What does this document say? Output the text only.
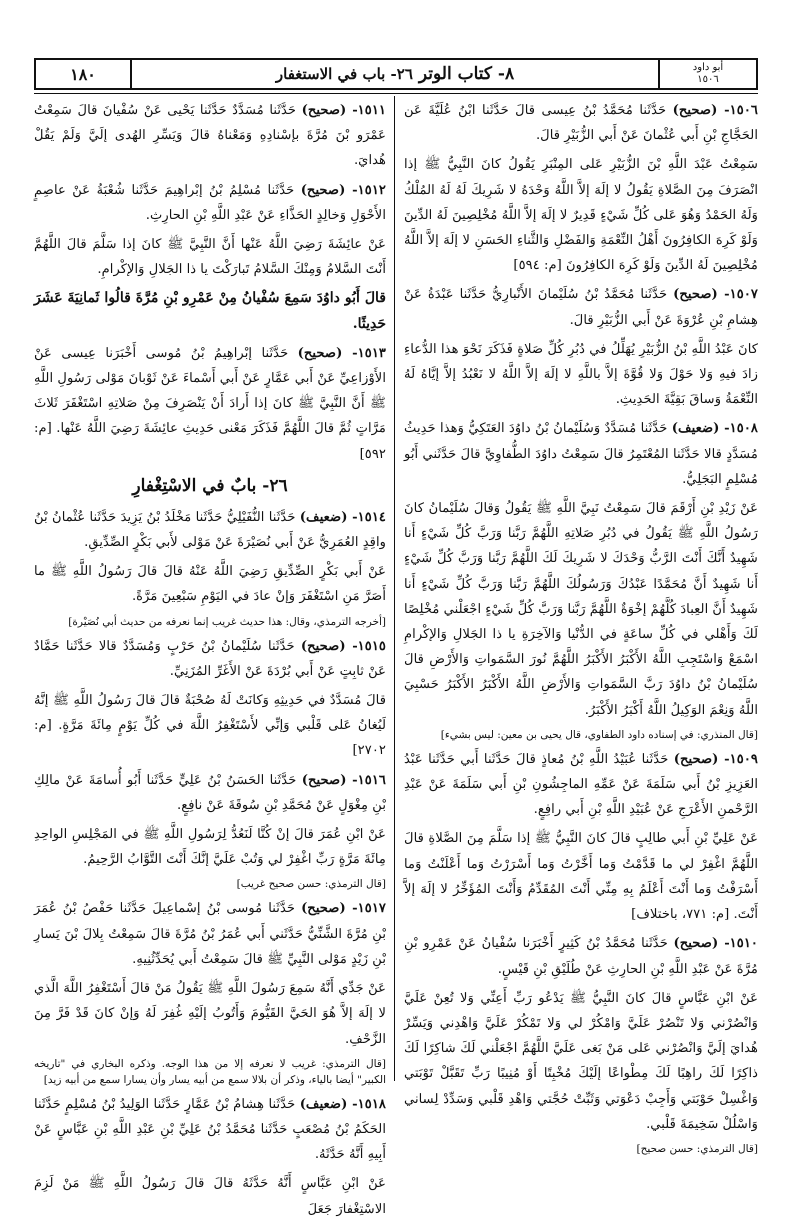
١٨٠	٨- كتاب الوتر
٢٦- باب في الاستغفار	أبو داود
١٥٠٦

١٥٠٦- (صحيح) حَدَّثَنا مُحَمَّدُ بْنُ عِيسى قالَ حَدَّثَنا ابْنُ عُلَيَّةَ عَن الحَجَّاجِ بْنِ أَبي عُثْمانَ عَنْ أَبي الزُّبَيْرِ قالَ.

سَمِعْتُ عَبْدَ اللَّهِ بْنَ الزُّبَيْرِ عَلى المِنْبَرِ يَقُولُ كانَ النَّبِيُّ ﷺ إذا انْصَرَفَ مِنَ الصَّلاةِ يَقُولُ لا إلَهَ إلاَّ اللَّهُ وَحْدَهُ لا شَرِيكَ لَهُ لَهُ المُلْكُ وَلَهُ الحَمْدُ وَهُوَ عَلى كُلِّ شَيْءٍ قَدِيرٌ لا إلَهَ إلاَّ اللَّهُ مُخْلِصِينَ لَهُ الدِّينَ وَلَوْ كَرِهَ الكافِرُونَ أَهْلُ النِّعْمَةِ وَالفَضْلِ وَالثَّناءِ الحَسَنِ لا إلَهَ إلاَّ اللَّهُ مُخْلِصِينَ لَهُ الدِّينَ وَلَوْ كَرِهَ الكافِرُونَ [م: ٥٩٤]

١٥٠٧- (صحيح) حَدَّثَنا مُحَمَّدُ بْنُ سُلَيْمانَ الأَنْبارِيُّ حَدَّثَنا عَبْدَةُ عَنْ هِشامِ بْنِ عُرْوَةَ عَنْ أَبي الزُّبَيْرِ قالَ.

كانَ عَبْدُ اللَّهِ بْنُ الزُّبَيْرِ يُهَلِّلُ في دُبُرِ كُلِّ صَلاةٍ فَذَكَرَ نَحْوَ هذا الدُّعاءِ زادَ فيهِ وَلا حَوْلَ وَلا قُوَّةَ إلاَّ باللَّهِ لا إلَهَ إلاَّ اللَّهُ لا نَعْبُدُ إلاَّ إيَّاهُ لَهُ النِّعْمَةُ وَساقَ بَقِيَّةَ الحَدِيثِ.

١٥٠٨- (ضعيف) حَدَّثَنا مُسَدَّدٌ وَسُلَيْمانُ بْنُ داوُدَ العَتَكِيُّ وَهذا حَدِيثُ مُسَدَّدٍ قالا حَدَّثَنا المُعْتَمِرُ قالَ سَمِعْتُ داوُدَ الطُّفاوِيَّ قالَ حَدَّثَني أَبُو مُسْلِمٍ البَجَلِيُّ.

عَنْ زَيْدِ بْنِ أَرْقَمَ قالَ سَمِعْتُ نَبِيَّ اللَّهِ ﷺ يَقُولُ وَقالَ سُلَيْمانُ كانَ رَسُولُ اللَّهِ ﷺ يَقُولُ في دُبُرِ صَلاتِهِ اللَّهُمَّ رَبَّنا وَرَبَّ كُلِّ شَيْءٍ أَنا شَهِيدٌ أَنَّكَ أَنْتَ الرَّبُّ وَحْدَكَ لا شَرِيكَ لَكَ اللَّهُمَّ رَبَّنا وَرَبَّ كُلِّ شَيْءٍ أَنا شَهِيدٌ أَنَّ مُحَمَّدًا عَبْدُكَ وَرَسُولُكَ اللَّهُمَّ رَبَّنا وَرَبَّ كُلِّ شَيْءٍ أَنا شَهِيدٌ أَنَّ العِبادَ كُلَّهُمْ إخْوَةٌ اللَّهُمَّ رَبَّنا وَرَبَّ كُلِّ شَيْءٍ اجْعَلْني مُخْلِصًا لَكَ وَأَهْلي في كُلِّ ساعَةٍ في الدُّنْيا وَالآخِرَةِ يا ذا الجَلالِ وَالإكْرامِ اسْمَعْ وَاسْتَجِبِ اللَّهُ الأَكْبَرُ الأَكْبَرُ اللَّهُمَّ نُورَ السَّمَواتِ وَالأَرْضِ قالَ سُلَيْمانُ بْنُ داوُدَ رَبَّ السَّمَواتِ وَالأَرْضِ اللَّهُ الأَكْبَرُ الأَكْبَرُ حَسْبِيَ اللَّهُ وَنِعْمَ الوَكِيلُ اللَّهُ أَكْبَرُ الأَكْبَرُ.

[قال المنذري: في إسناده داود الطفاوي، قال يحيى بن معين: ليس بشيء]

١٥٠٩- (صحيح) حَدَّثَنا عُبَيْدُ اللَّهِ بْنُ مُعاذٍ قالَ حَدَّثَنا أَبي حَدَّثَنا عَبْدُ العَزِيزِ بْنُ أَبي سَلَمَةَ عَنْ عَمِّهِ الماجِشُونِ بْنِ أَبي سَلَمَةَ عَنْ عَبْدِ الرَّحْمنِ الأَعْرَجِ عَنْ عُبَيْدِ اللَّهِ بْنِ أَبي رافِعٍ.

عَنْ عَلِيِّ بْنِ أَبي طالِبٍ قالَ كانَ النَّبِيُّ ﷺ إذا سَلَّمَ مِنَ الصَّلاةِ قالَ اللَّهُمَّ اغْفِرْ لي ما قَدَّمْتُ وَما أَخَّرْتُ وَما أَسْرَرْتُ وَما أَعْلَنْتُ وَما أَسْرَفْتُ وَما أَنْتَ أَعْلَمُ بِهِ مِنِّي أَنْتَ المُقَدِّمُ وَأَنْتَ المُؤَخِّرُ لا إلَهَ إلاَّ أَنْتَ. [م: ٧٧١، باختلاف]

١٥١٠- (صحيح) حَدَّثَنا مُحَمَّدُ بْنُ كَثِيرٍ أَخْبَرَنا سُفْيانُ عَنْ عَمْرِو بْنِ مُرَّةَ عَنْ عَبْدِ اللَّهِ بْنِ الحارِثِ عَنْ طُلَيْقِ بْنِ قَيْسٍ.

عَنْ ابْنِ عَبَّاسٍ قالَ كانَ النَّبِيُّ ﷺ يَدْعُو رَبِّ أَعِنِّي وَلا تُعِنْ عَلَيَّ وَانْصُرْني وَلا تَنْصُرْ عَلَيَّ وَامْكُرْ لي وَلا تَمْكُرْ عَلَيَّ وَاهْدِني وَيَسِّرْ هُدايَ إلَيَّ وَانْصُرْني عَلى مَنْ بَغى عَلَيَّ اللَّهُمَّ اجْعَلْني لَكَ شاكِرًا لَكَ ذاكِرًا لَكَ راهِبًا لَكَ مِطْواعًا إلَيْكَ مُخْبِتًا أَوْ مُنِيبًا رَبِّ تَقَبَّلْ تَوْبَتي وَاغْسِلْ حَوْبَتي وَأَجِبْ دَعْوَتي وَثَبِّتْ حُجَّتي وَاهْدِ قَلْبي وَسَدِّدْ لِساني وَاسْلُلْ سَخِيمَةَ قَلْبي.

[قال الترمذي: حسن صحيح]

١٥١١- (صحيح) حَدَّثَنا مُسَدَّدٌ حَدَّثَنا يَحْيى عَنْ سُفْيانَ قالَ سَمِعْتُ عَمْرَو بْنَ مُرَّةَ بإسْنادِهِ وَمَعْناهُ قالَ وَيَسِّرِ الهُدى إلَيَّ وَلَمْ يَقُلْ هُدايَ.

١٥١٢- (صحيح) حَدَّثَنا مُسْلِمُ بْنُ إبْراهِيمَ حَدَّثَنا شُعْبَةُ عَنْ عاصِمٍ الأَحْوَلِ وَخالِدٍ الحَذَّاءِ عَنْ عَبْدِ اللَّهِ بْنِ الحارِثِ.

عَنْ عائِشَةَ رَضِيَ اللَّهُ عَنْها أَنَّ النَّبِيَّ ﷺ كانَ إذا سَلَّمَ قالَ اللَّهُمَّ أَنْتَ السَّلامُ وَمِنْكَ السَّلامُ تَبارَكْتَ يا ذا الجَلالِ وَالإكْرامِ.

قالَ أَبُو داوُدَ سَمِعَ سُفْيانُ مِنْ عَمْرِو بْنِ مُرَّةَ قالُوا ثَمانِيَةَ عَشَرَ حَدِيثًا.

١٥١٣- (صحيح) حَدَّثَنا إبْراهِيمُ بْنُ مُوسى أَخْبَرَنا عِيسى عَنْ الأَوْزاعِيِّ عَنْ أَبي عَمَّارٍ عَنْ أَبي أَسْماءَ عَنْ ثَوْبانَ مَوْلى رَسُولِ اللَّهِ ﷺ أَنَّ النَّبِيَّ ﷺ كانَ إذا أَرادَ أَنْ يَنْصَرِفَ مِنْ صَلاتِهِ اسْتَغْفَرَ ثَلاثَ مَرَّاتٍ ثُمَّ قالَ اللَّهُمَّ فَذَكَرَ مَعْنى حَدِيثِ عائِشَةَ رَضِيَ اللَّهُ عَنْها. [م: ٥٩٢]

٢٦- بابٌ في الاسْتِغْفارِ

١٥١٤- (ضعيف) حَدَّثَنا النُّفَيْلِيُّ حَدَّثَنا مَخْلَدُ بْنُ يَزِيدَ حَدَّثَنا عُثْمانُ بْنُ واقِدٍ العُمَرِيُّ عَنْ أَبي نُصَيْرَةَ عَنْ مَوْلى لأَبي بَكْرٍ الصِّدِّيقِ.

عَنْ أَبي بَكْرٍ الصِّدِّيقِ رَضِيَ اللَّهُ عَنْهُ قالَ قالَ رَسُولُ اللَّهِ ﷺ ما أَصَرَّ مَنِ اسْتَغْفَرَ وَإنْ عادَ في اليَوْمِ سَبْعِينَ مَرَّةً.

[أخرجه الترمذي، وقال: هذا حديث غريب إنما نعرفه من حديث أبي نُصَيْرة]

١٥١٥- (صحيح) حَدَّثَنا سُلَيْمانُ بْنُ حَرْبٍ وَمُسَدَّدٌ قالا حَدَّثَنا حَمَّادٌ عَنْ ثابِتٍ عَنْ أَبي بُرْدَةَ عَنْ الأَغَرِّ المُزَنِيِّ.

قالَ مُسَدَّدٌ في حَدِيثِهِ وَكانَتْ لَهُ صُحْبَةٌ قالَ قالَ رَسُولُ اللَّهِ ﷺ إنَّهُ لَيُغانُ عَلى قَلْبي وَإنِّي لأَسْتَغْفِرُ اللَّهَ في كُلِّ يَوْمٍ مِائَةَ مَرَّةٍ. [م: ٢٧٠٢]

١٥١٦- (صحيح) حَدَّثَنا الحَسَنُ بْنُ عَلِيٍّ حَدَّثَنا أَبُو أُسامَةَ عَنْ مالِكِ بْنِ مِغْوَلٍ عَنْ مُحَمَّدِ بْنِ سُوقَةَ عَنْ نافِعٍ.

عَنْ ابْنِ عُمَرَ قالَ إنْ كُنَّا لَنَعُدُّ لِرَسُولِ اللَّهِ ﷺ في المَجْلِسِ الواحِدِ مِائَةَ مَرَّةٍ رَبِّ اغْفِرْ لي وَتُبْ عَلَيَّ إنَّكَ أَنْتَ التَّوَّابُ الرَّحِيمُ.

[قال الترمذي: حسن صحيح غريب]

١٥١٧- (صحيح) حَدَّثَنا مُوسى بْنُ إسْماعِيلَ حَدَّثَنا حَفْصُ بْنُ عُمَرَ بْنِ مُرَّةَ الشَّنِّيُّ حَدَّثَني أَبي عُمَرُ بْنُ مُرَّةَ قالَ سَمِعْتُ بِلالَ بْنَ يَسارِ بْنِ زَيْدٍ مَوْلى النَّبِيِّ ﷺ قالَ سَمِعْتُ أَبي يُحَدِّثُنِيهِ.

عَنْ جَدِّي أَنَّهُ سَمِعَ رَسُولَ اللَّهِ ﷺ يَقُولُ مَنْ قالَ أَسْتَغْفِرُ اللَّهَ الَّذي لا إلَهَ إلاَّ هُوَ الحَيَّ القَيُّومَ وَأَتُوبُ إلَيْهِ غُفِرَ لَهُ وَإنْ كانَ قَدْ فَرَّ مِنَ الزَّحْفِ.

[قال الترمذي: غريب لا نعرفه إلا من هذا الوجه. وذكره البخاري في "تاريخه الكبير" أيضا بالياء، وذكر أن بلالا سمع من أبيه يسار وأن يسارا سمع من أبيه زيد]

١٥١٨- (ضعيف) حَدَّثَنا هِشامُ بْنُ عَمَّارٍ حَدَّثَنا الوَلِيدُ بْنُ مُسْلِمٍ حَدَّثَنا الحَكَمُ بْنُ مُصْعَبٍ حَدَّثَنا مُحَمَّدُ بْنُ عَلِيِّ بْنِ عَبْدِ اللَّهِ بْنِ عَبَّاسٍ عَنْ أَبِيهِ أَنَّهُ حَدَّثَهُ.

عَنْ ابْنِ عَبَّاسٍ أَنَّهُ حَدَّثَهُ قالَ قالَ رَسُولُ اللَّهِ ﷺ مَنْ لَزِمَ الاسْتِغْفارَ جَعَلَ
